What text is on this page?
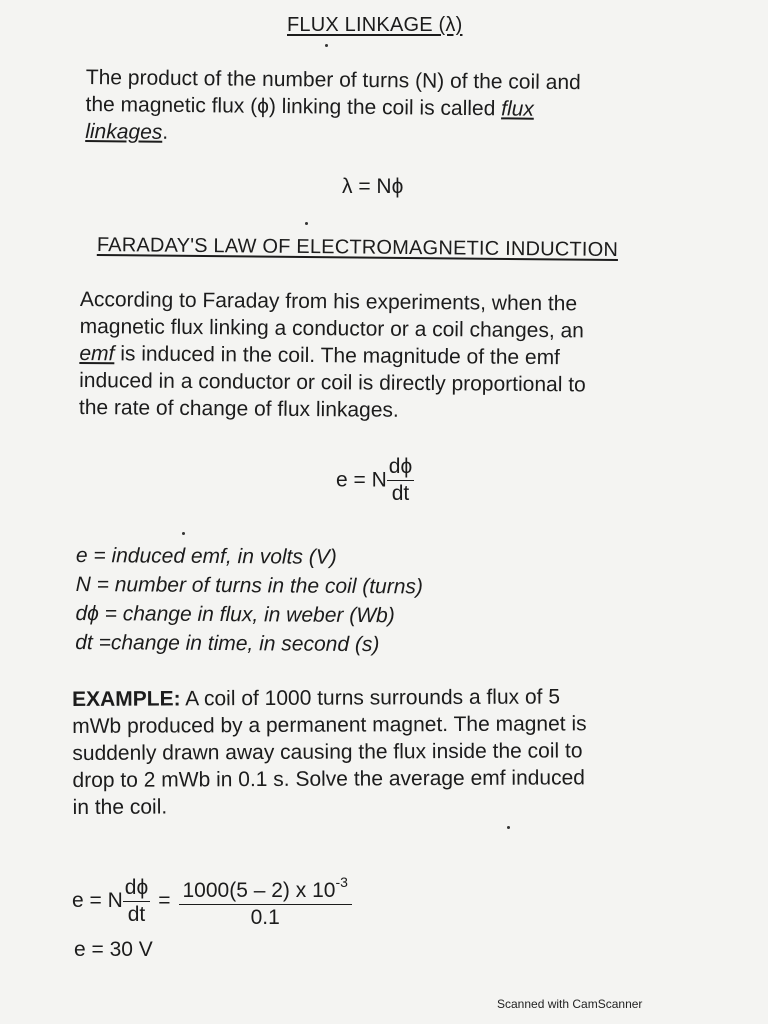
FLUX LINKAGE (λ)
The product of the number of turns (N) of the coil and
the magnetic flux (ϕ) linking the coil is called flux
linkages.
λ = Nϕ
FARADAY'S LAW OF ELECTROMAGNETIC INDUCTION
According to Faraday from his experiments, when the
magnetic flux linking a conductor or a coil changes, an
emf is induced in the coil. The magnitude of the emf
induced in a conductor or coil is directly proportional to
the rate of change of flux linkages.
e = N $\frac{d\phi}{dt}$
e = induced emf, in volts (V)
N = number of turns in the coil (turns)
dϕ = change in flux, in weber (Wb)
dt =change in time, in second (s)
EXAMPLE: A coil of 1000 turns surrounds a flux of 5
mWb produced by a permanent magnet. The magnet is
suddenly drawn away causing the flux inside the coil to
drop to 2 mWb in 0.1 s. Solve the average emf induced
in the coil.
e = N $\frac{d\phi}{dt} = \frac{1000(5 - 2) x 10^{-3}}{0.1}$
e = 30 V
Scanned with CamScanner
